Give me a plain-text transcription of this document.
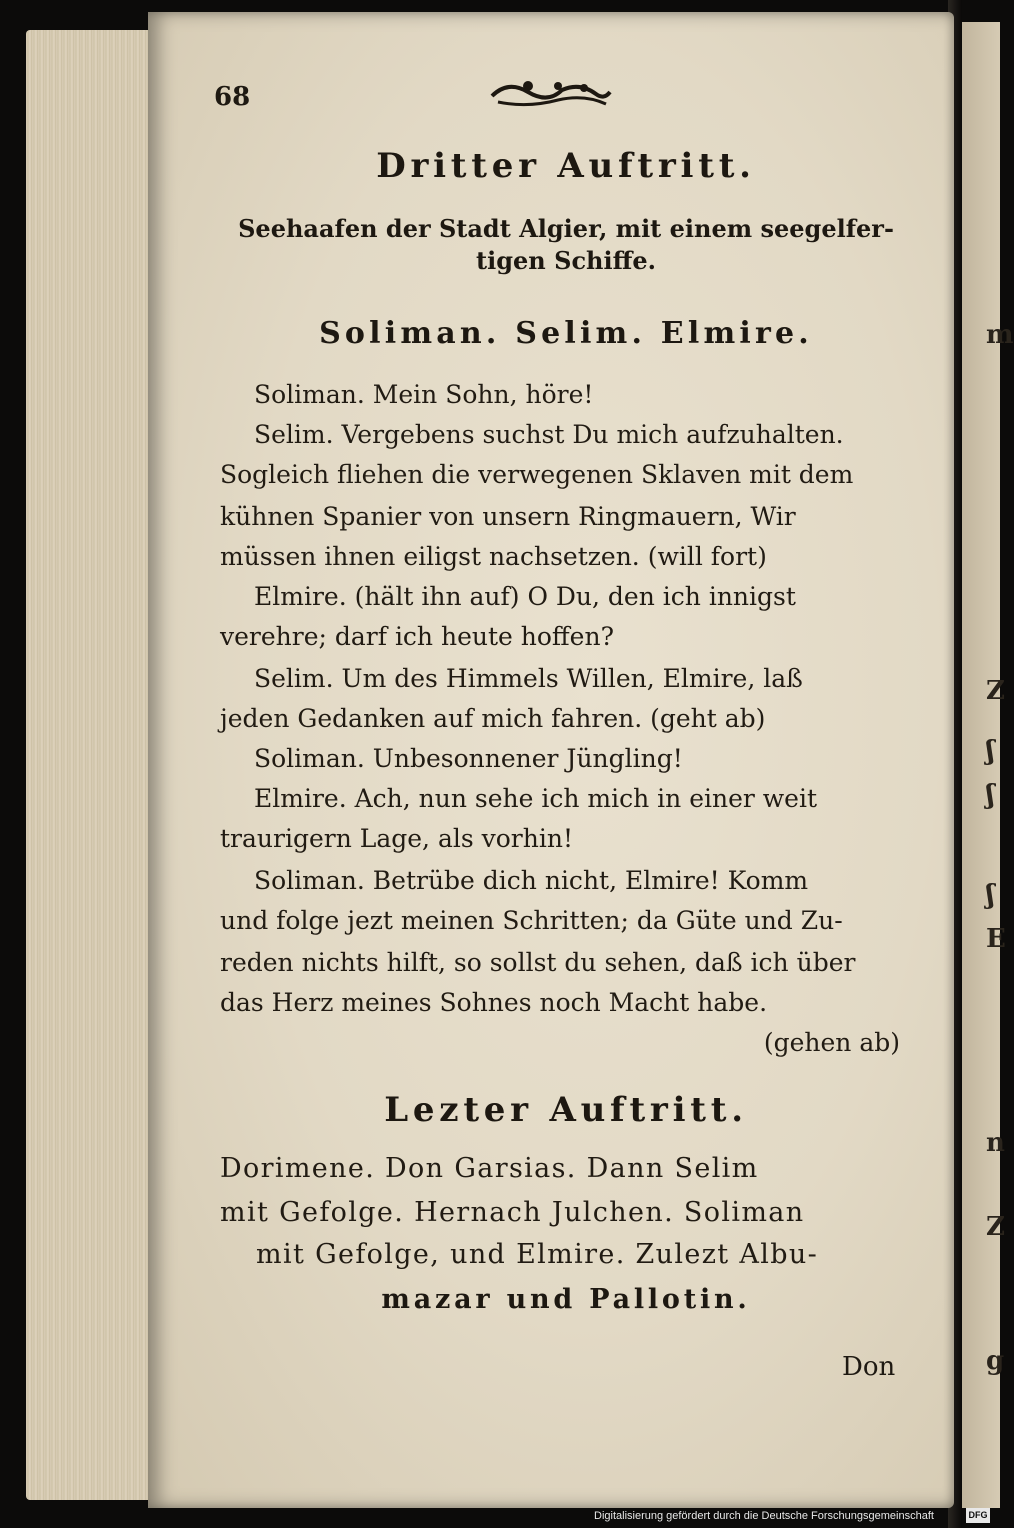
m
Z
ʃ
ʃ
ʃ
E
n
Z
g
68
Dritter Auftritt.
Seehaafen der Stadt Algier, mit einem seegelfer-
tigen Schiffe.
Soliman. Selim. Elmire.
Soliman. Mein Sohn, höre!
Selim. Vergebens suchst Du mich aufzuhalten.
Sogleich fliehen die verwegenen Sklaven mit dem
kühnen Spanier von unsern Ringmauern, Wir
müssen ihnen eiligst nachsetzen. (will fort)
Elmire. (hält ihn auf) O Du, den ich innigst
verehre; darf ich heute hoffen?
Selim. Um des Himmels Willen, Elmire, laß
jeden Gedanken auf mich fahren. (geht ab)
Soliman. Unbesonnener Jüngling!
Elmire. Ach, nun sehe ich mich in einer weit
traurigern Lage, als vorhin!
Soliman. Betrübe dich nicht, Elmire! Komm
und folge jezt meinen Schritten; da Güte und Zu-
reden nichts hilft, so sollst du sehen, daß ich über
das Herz meines Sohnes noch Macht habe.
(gehen ab)
Lezter Auftritt.
Dorimene. Don Garsias. Dann Selim
mit Gefolge. Hernach Julchen. Soliman
mit Gefolge, und Elmire. Zulezt Albu-
mazar und Pallotin.
Don
Digitalisierung gefördert durch die Deutsche Forschungsgemeinschaft	DFG
